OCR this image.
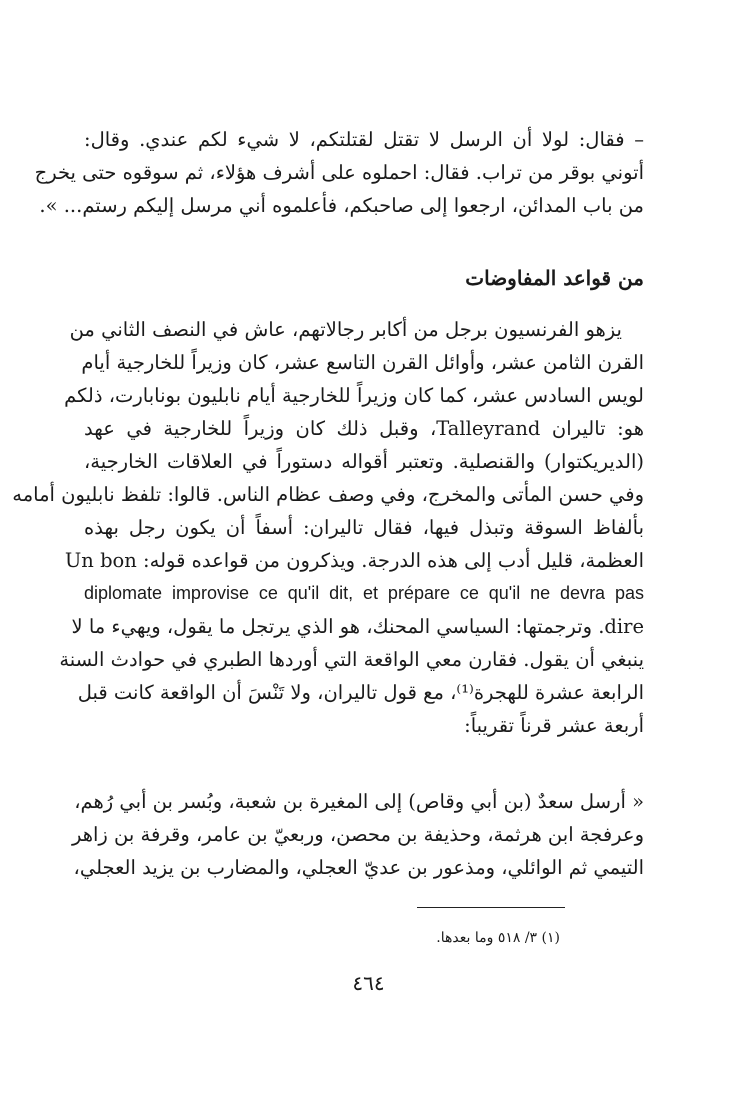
– فقال: لولا أن الرسل لا تقتل لقتلتكم، لا شيء لكم عندي. وقال:
أتوني بوقر من تراب. فقال: احملوه على أشرف هؤلاء، ثم سوقوه حتى يخرج
من باب المدائن، ارجعوا إلى صاحبكم، فأعلموه أني مرسل إليكم رستم... ».
من قواعد المفاوضات
يزهو الفرنسيون برجل من أكابر رجالاتهم، عاش في النصف الثاني من
القرن الثامن عشر، وأوائل القرن التاسع عشر، كان وزيراً للخارجية أيام
لويس السادس عشر، كما كان وزيراً للخارجية أيام نابليون بونابارت، ذلكم
هو: تاليران Talleyrand، وقبل ذلك كان وزيراً للخارجية في عهد
(الديريكتوار) والقنصلية. وتعتبر أقواله دستوراً في العلاقات الخارجية،
وفي حسن المأتى والمخرج، وفي وصف عظام الناس. قالوا: تلفظ نابليون أمامه
بألفاظ السوقة وتبذل فيها، فقال تاليران: أسفاً أن يكون رجل بهذه
العظمة، قليل أدب إلى هذه الدرجة. ويذكرون من قواعده قوله: Un bon
diplomate improvise ce qu'il dit, et prépare ce qu'il ne devra pas
dire. وترجمتها: السياسي المحنك، هو الذي يرتجل ما يقول، ويهيء ما لا
ينبغي أن يقول. فقارن معي الواقعة التي أوردها الطبري في حوادث السنة
الرابعة عشرة للهجرة⁽¹⁾، مع قول تاليران، ولا تَنْسَ أن الواقعة كانت قبل
أربعة عشر قرناً تقريباً:
« أرسل سعدٌ (بن أبي وقاص) إلى المغيرة بن شعبة، وبُسر بن أبي رُهم،
وعرفجة ابن هرثمة، وحذيفة بن محصن، وربعيّ بن عامر، وقرفة بن زاهر
التيمي ثم الوائلي، ومذعور بن عديّ العجلي، والمضارب بن يزيد العجلي،
(١) ٣/ ٥١٨ وما بعدها.
٤٦٤
